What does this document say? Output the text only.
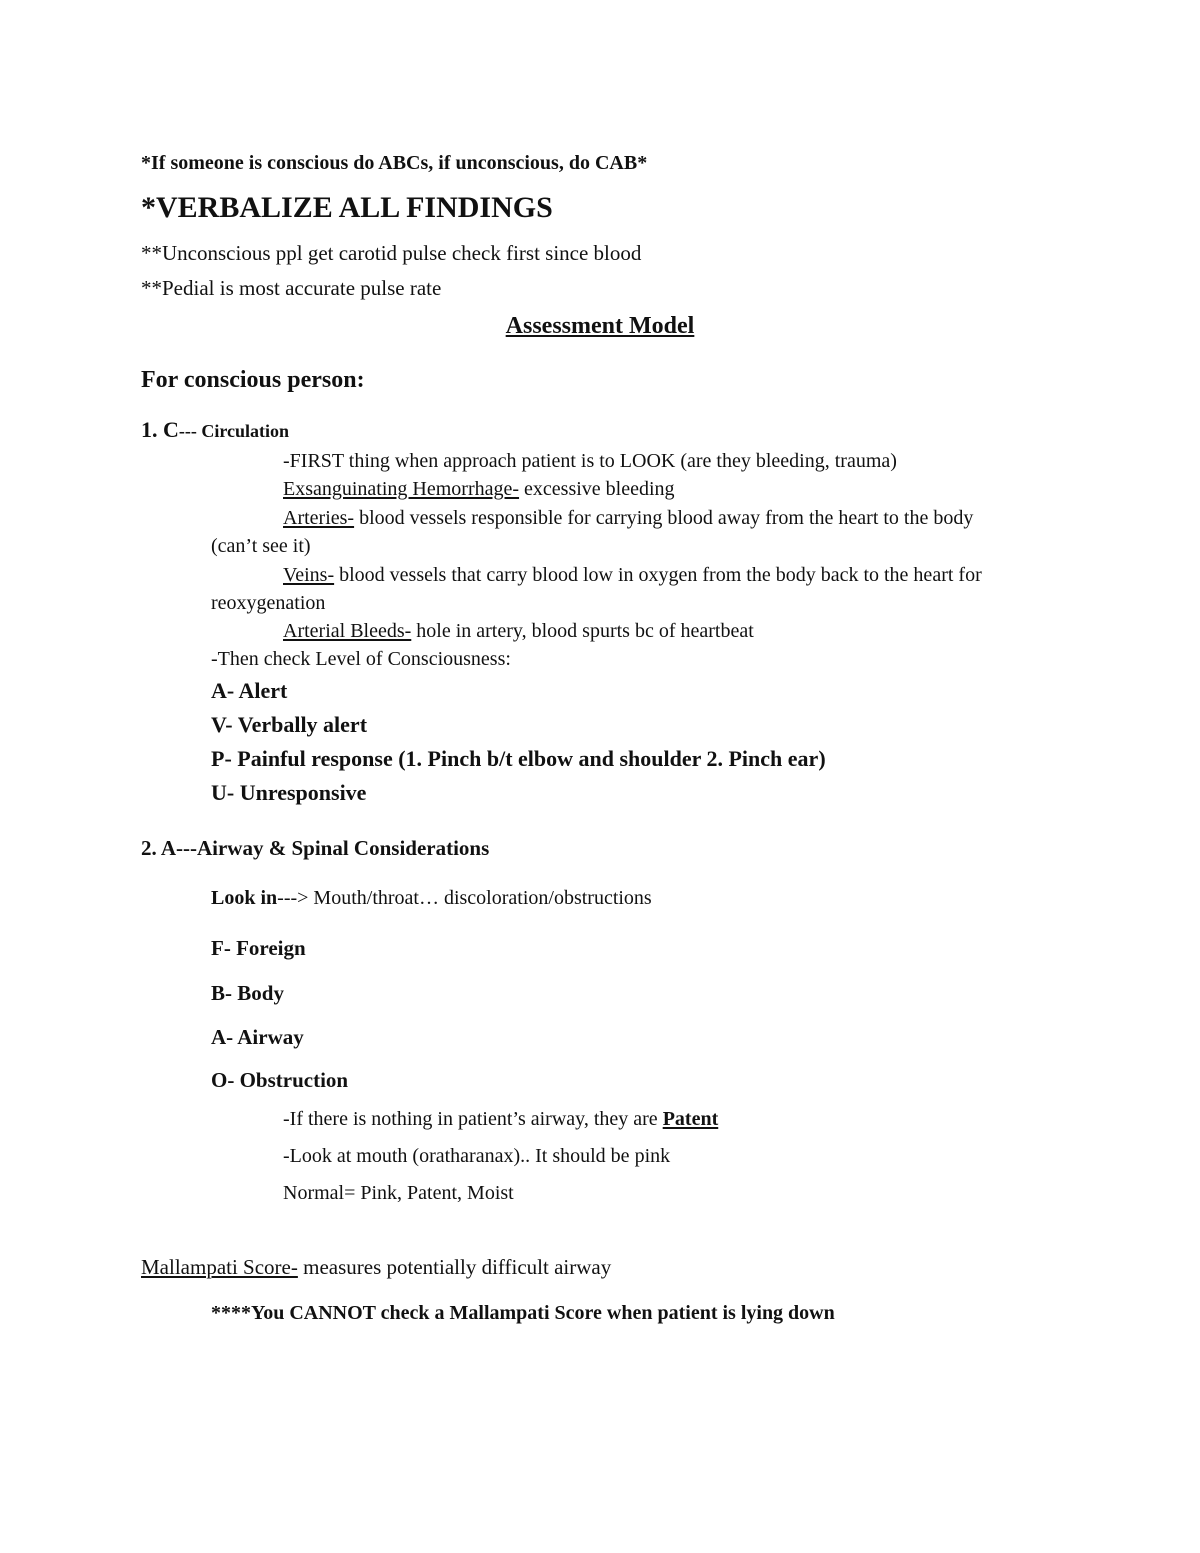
*If someone is conscious do ABCs, if unconscious, do CAB*
*VERBALIZE ALL FINDINGS
**Unconscious ppl get carotid pulse check first since blood
**Pedial is most accurate pulse rate
Assessment Model
For conscious person:
1. C--- Circulation
-FIRST thing when approach patient is to LOOK (are they bleeding, trauma)
Exsanguinating Hemorrhage- excessive bleeding
Arteries- blood vessels responsible for carrying blood away from the heart to the body
(can’t see it)
Veins- blood vessels that carry blood low in oxygen from the body back to the heart for
reoxygenation
Arterial Bleeds- hole in artery, blood spurts bc of heartbeat
-Then check Level of Consciousness:
A- Alert
V- Verbally alert
P- Painful response (1. Pinch b/t elbow and shoulder 2. Pinch ear)
U- Unresponsive
2. A---Airway & Spinal Considerations
Look in---> Mouth/throat… discoloration/obstructions
F- Foreign
B- Body
A- Airway
O- Obstruction
-If there is nothing in patient’s airway, they are Patent
-Look at mouth (oratharanax).. It should be pink
Normal= Pink, Patent, Moist
Mallampati Score- measures potentially difficult airway
****You CANNOT check a Mallampati Score when patient is lying down
